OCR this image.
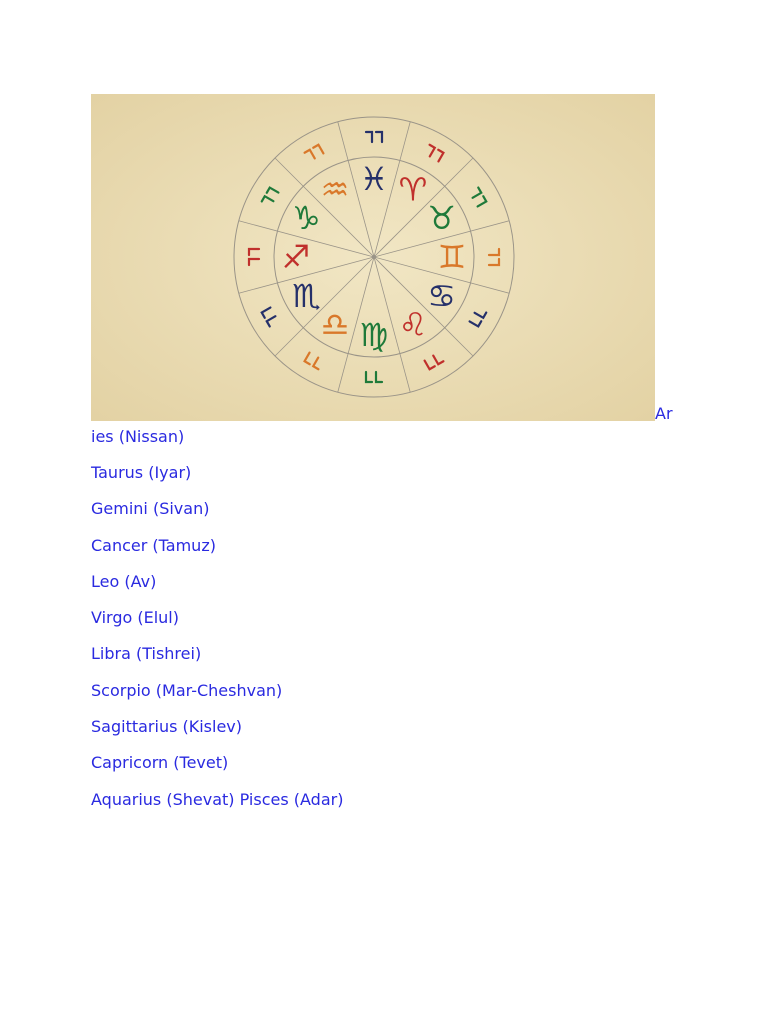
♓ ♈
♉
♊
♋
♌
♍
♎
♏
♐
♑
♒
Ar
ies (Nissan)
Taurus (Iyar)
Gemini (Sivan)
Cancer (Tamuz)
Leo (Av)
Virgo (Elul)
Libra (Tishrei)
Scorpio (Mar-Cheshvan)
Sagittarius (Kislev)
Capricorn (Tevet)
Aquarius (Shevat) Pisces (Adar)
